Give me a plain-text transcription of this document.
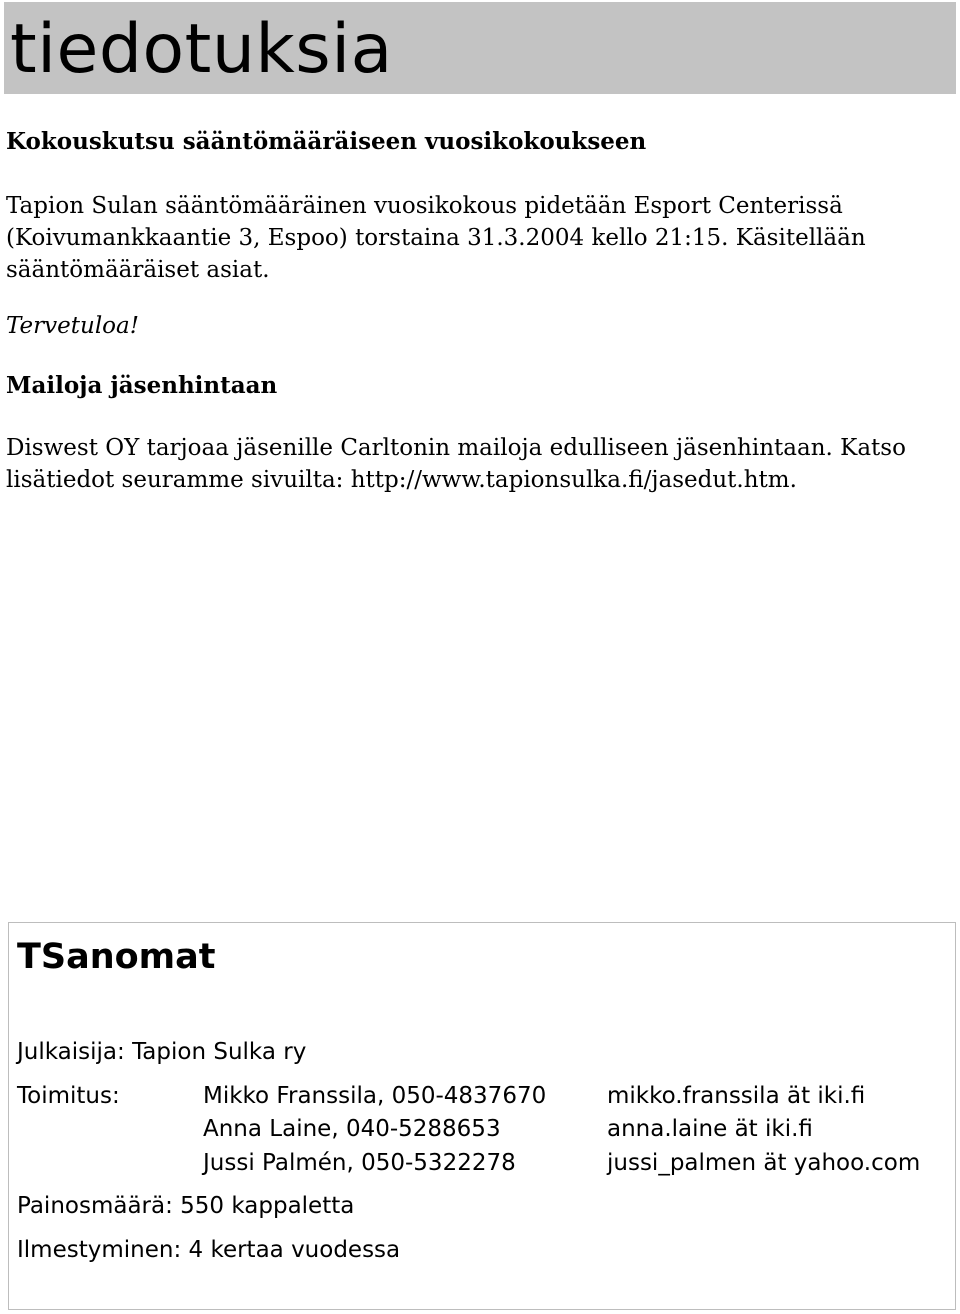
tiedotuksia
Kokouskutsu sääntömääräiseen vuosikokoukseen

Tapion Sulan sääntömääräinen vuosikokous pidetään Esport Centerissä (Koivumankkaantie 3, Espoo) torstaina 31.3.2004 kello 21:15. Käsitellään sääntömääräiset asiat.

Tervetuloa!
Mailoja jäsenhintaan

Diswest OY tarjoaa jäsenille Carltonin mailoja edulliseen jäsenhintaan. Katso lisätiedot seuramme sivuilta: http://www.tapionsulka.fi/jasedut.htm.

TSanomat
Julkaisija: Tapion Sulka ry
Toimitus:	Mikko Franssila, 050-4837670	mikko.franssila ät iki.fi
Anna Laine, 040-5288653	anna.laine ät iki.fi
Jussi Palmén, 050-5322278	jussi_palmen ät yahoo.com
Painosmäärä: 550 kappaletta
Ilmestyminen: 4 kertaa vuodessa
